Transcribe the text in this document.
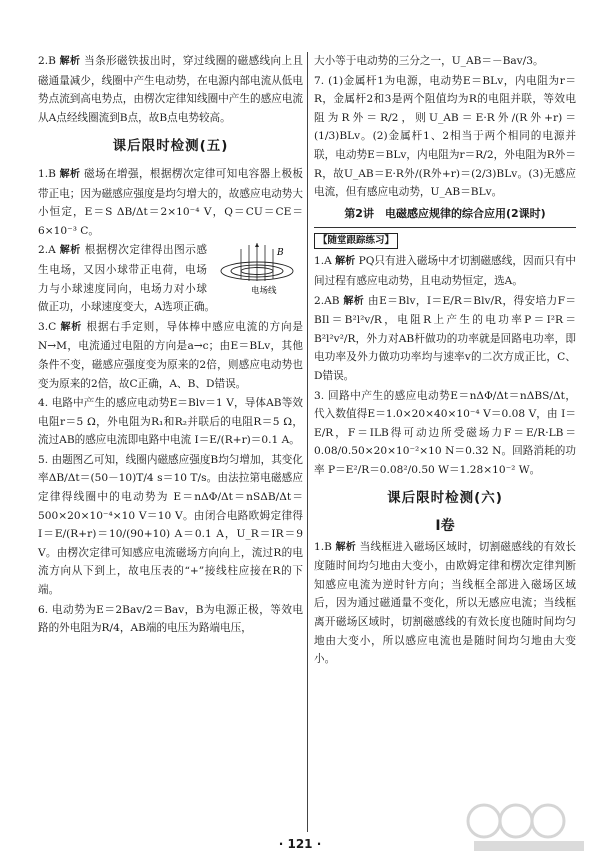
2.B 解析 当条形磁铁拔出时，穿过线圈的磁感线向上且磁通量减少，线圈中产生电动势，在电源内部电流从低电势点流到高电势点，由楞次定律知线圈中产生的感应电流从A点经线圈流到B点，故B点电势较高。

课后限时检测(五)

1.B 解析 磁场在增强，根据楞次定律可知电容器上极板带正电；因为磁感应强度是均匀增大的，故感应电动势大小恒定，E＝S ΔB/Δt＝2×10⁻⁴ V，Q＝CU＝CE＝6×10⁻³ C。

B
电场线
2.A 解析 根据楞次定律得出图示感生电场，又因小球带正电荷，电场力与小球速度同向，电场力对小球做正功，小球速度变大，A选项正确。

3.C 解析 根据右手定则，导体棒中感应电流的方向是N→M，电流通过电阻的方向是a→c；由E＝BLv，其他条件不变，磁感应强度变为原来的2倍，则感应电动势也变为原来的2倍，故C正确，A、B、D错误。

4. 电路中产生的感应电动势E＝Blv＝1 V，导体AB等效电阻r＝5 Ω，外电阻为R₁和R₂并联后的电阻R＝5 Ω，流过AB的感应电流即电路中电流 I＝E/(R+r)＝0.1 A。

5. 由题图乙可知，线圈内磁感应强度B均匀增加，其变化率ΔB/Δt＝(50－10)T/4 s＝10 T/s。由法拉第电磁感应定律得线圈中的电动势为 E＝nΔΦ/Δt＝nSΔB/Δt＝500×20×10⁻⁴×10 V＝10 V。由闭合电路欧姆定律得 I＝E/(R+r)＝10/(90+10) A＝0.1 A，U_R＝IR＝9 V。由楞次定律可知感应电流磁场方向向上，流过R的电流方向从下到上，故电压表的“+”接线柱应接在R的下端。

6. 电动势为E＝2Bav/2＝Bav，B为电源正极，等效电路的外电阻为R/4，AB端的电压为路端电压，

大小等于电动势的三分之一，U_AB＝－Bav/3。

7. (1)金属杆1为电源，电动势E＝BLv，内电阻为r＝R，金属杆2和3是两个阻值均为R的电阻并联，等效电阻为R外＝R/2，则U_AB＝E·R外/(R外+r)＝(1/3)BLv。(2)金属杆1、2相当于两个相同的电源并联，电动势E＝BLv，内电阻为r＝R/2，外电阻为R外＝R，故U_AB＝E·R外/(R外+r)＝(2/3)BLv。(3)无感应电流，但有感应电动势，U_AB＝BLv。

第2讲　电磁感应规律的综合应用(2课时)
【随堂跟踪练习】

1.A 解析 PQ只有进入磁场中才切割磁感线，因而只有中间过程有感应电动势，且电动势恒定，选A。

2.AB 解析 由E＝Blv，I＝E/R＝Blv/R，得安培力F＝BIl＝B²l²v/R，电阻R上产生的电功率P＝I²R＝B²l²v²/R，外力对AB杆做功的功率就是回路电功率，即电功率及外力做功功率均与速率v的二次方成正比，C、D错误。

3. 回路中产生的感应电动势E＝nΔΦ/Δt＝nΔBS/Δt，代入数值得E＝1.0×20×40×10⁻⁴ V＝0.08 V，由 I＝E/R，F＝ILB得可动边所受磁场力F＝E/R·LB＝0.08/0.50×20×10⁻²×10 N＝0.32 N。回路消耗的功率 P＝E²/R＝0.08²/0.50 W＝1.28×10⁻² W。

课后限时检测(六)
Ⅰ卷

1.B 解析 当线框进入磁场区域时，切割磁感线的有效长度随时间均匀地由大变小，由欧姆定律和楞次定律判断知感应电流为逆时针方向；当线框全部进入磁场区域后，因为通过磁通量不变化，所以无感应电流；当线框离开磁场区域时，切割磁感线的有效长度也随时间均匀地由大变小，所以感应电流也是随时间均匀地由大变小。

· 121 ·
